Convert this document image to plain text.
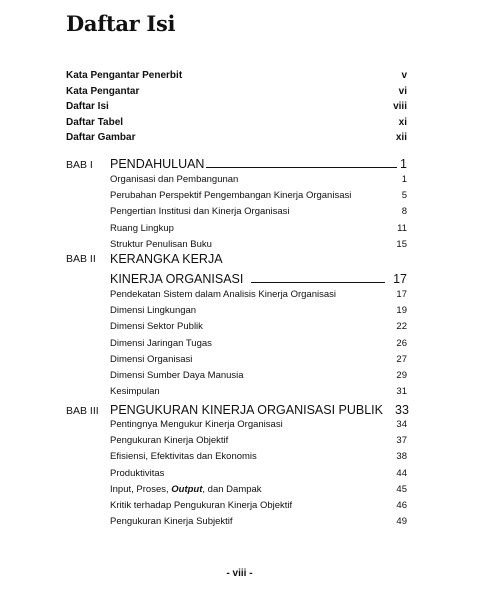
Daftar Isi
Kata Pengantar Penerbit	v
Kata Pengantar	vi
Daftar Isi	viii
Daftar Tabel	xi
Daftar Gambar	xii
BAB I	PENDAHULUAN	1
Organisasi dan Pembangunan	1
Perubahan Perspektif Pengembangan Kinerja Organisasi	5
Pengertian Institusi dan Kinerja Organisasi	8
Ruang Lingkup	11
Struktur Penulisan Buku	15
BAB II	KERANGKA KERJA
KINERJA ORGANISASI	17
Pendekatan Sistem dalam Analisis Kinerja Organisasi	17
Dimensi Lingkungan	19
Dimensi Sektor Publik	22
Dimensi Jaringan Tugas	26
Dimensi Organisasi	27
Dimensi Sumber Daya Manusia	29
Kesimpulan	31
BAB III PENGUKURAN KINERJA ORGANISASI PUBLIK 33
Pentingnya Mengukur Kinerja Organisasi	34
Pengukuran Kinerja Objektif	37
Efisiensi, Efektivitas dan Ekonomis	38
Produktivitas	44
Input, Proses, Output, dan Dampak	45
Kritik terhadap Pengukuran Kinerja Objektif	46
Pengukuran Kinerja Subjektif	49
- viii -
